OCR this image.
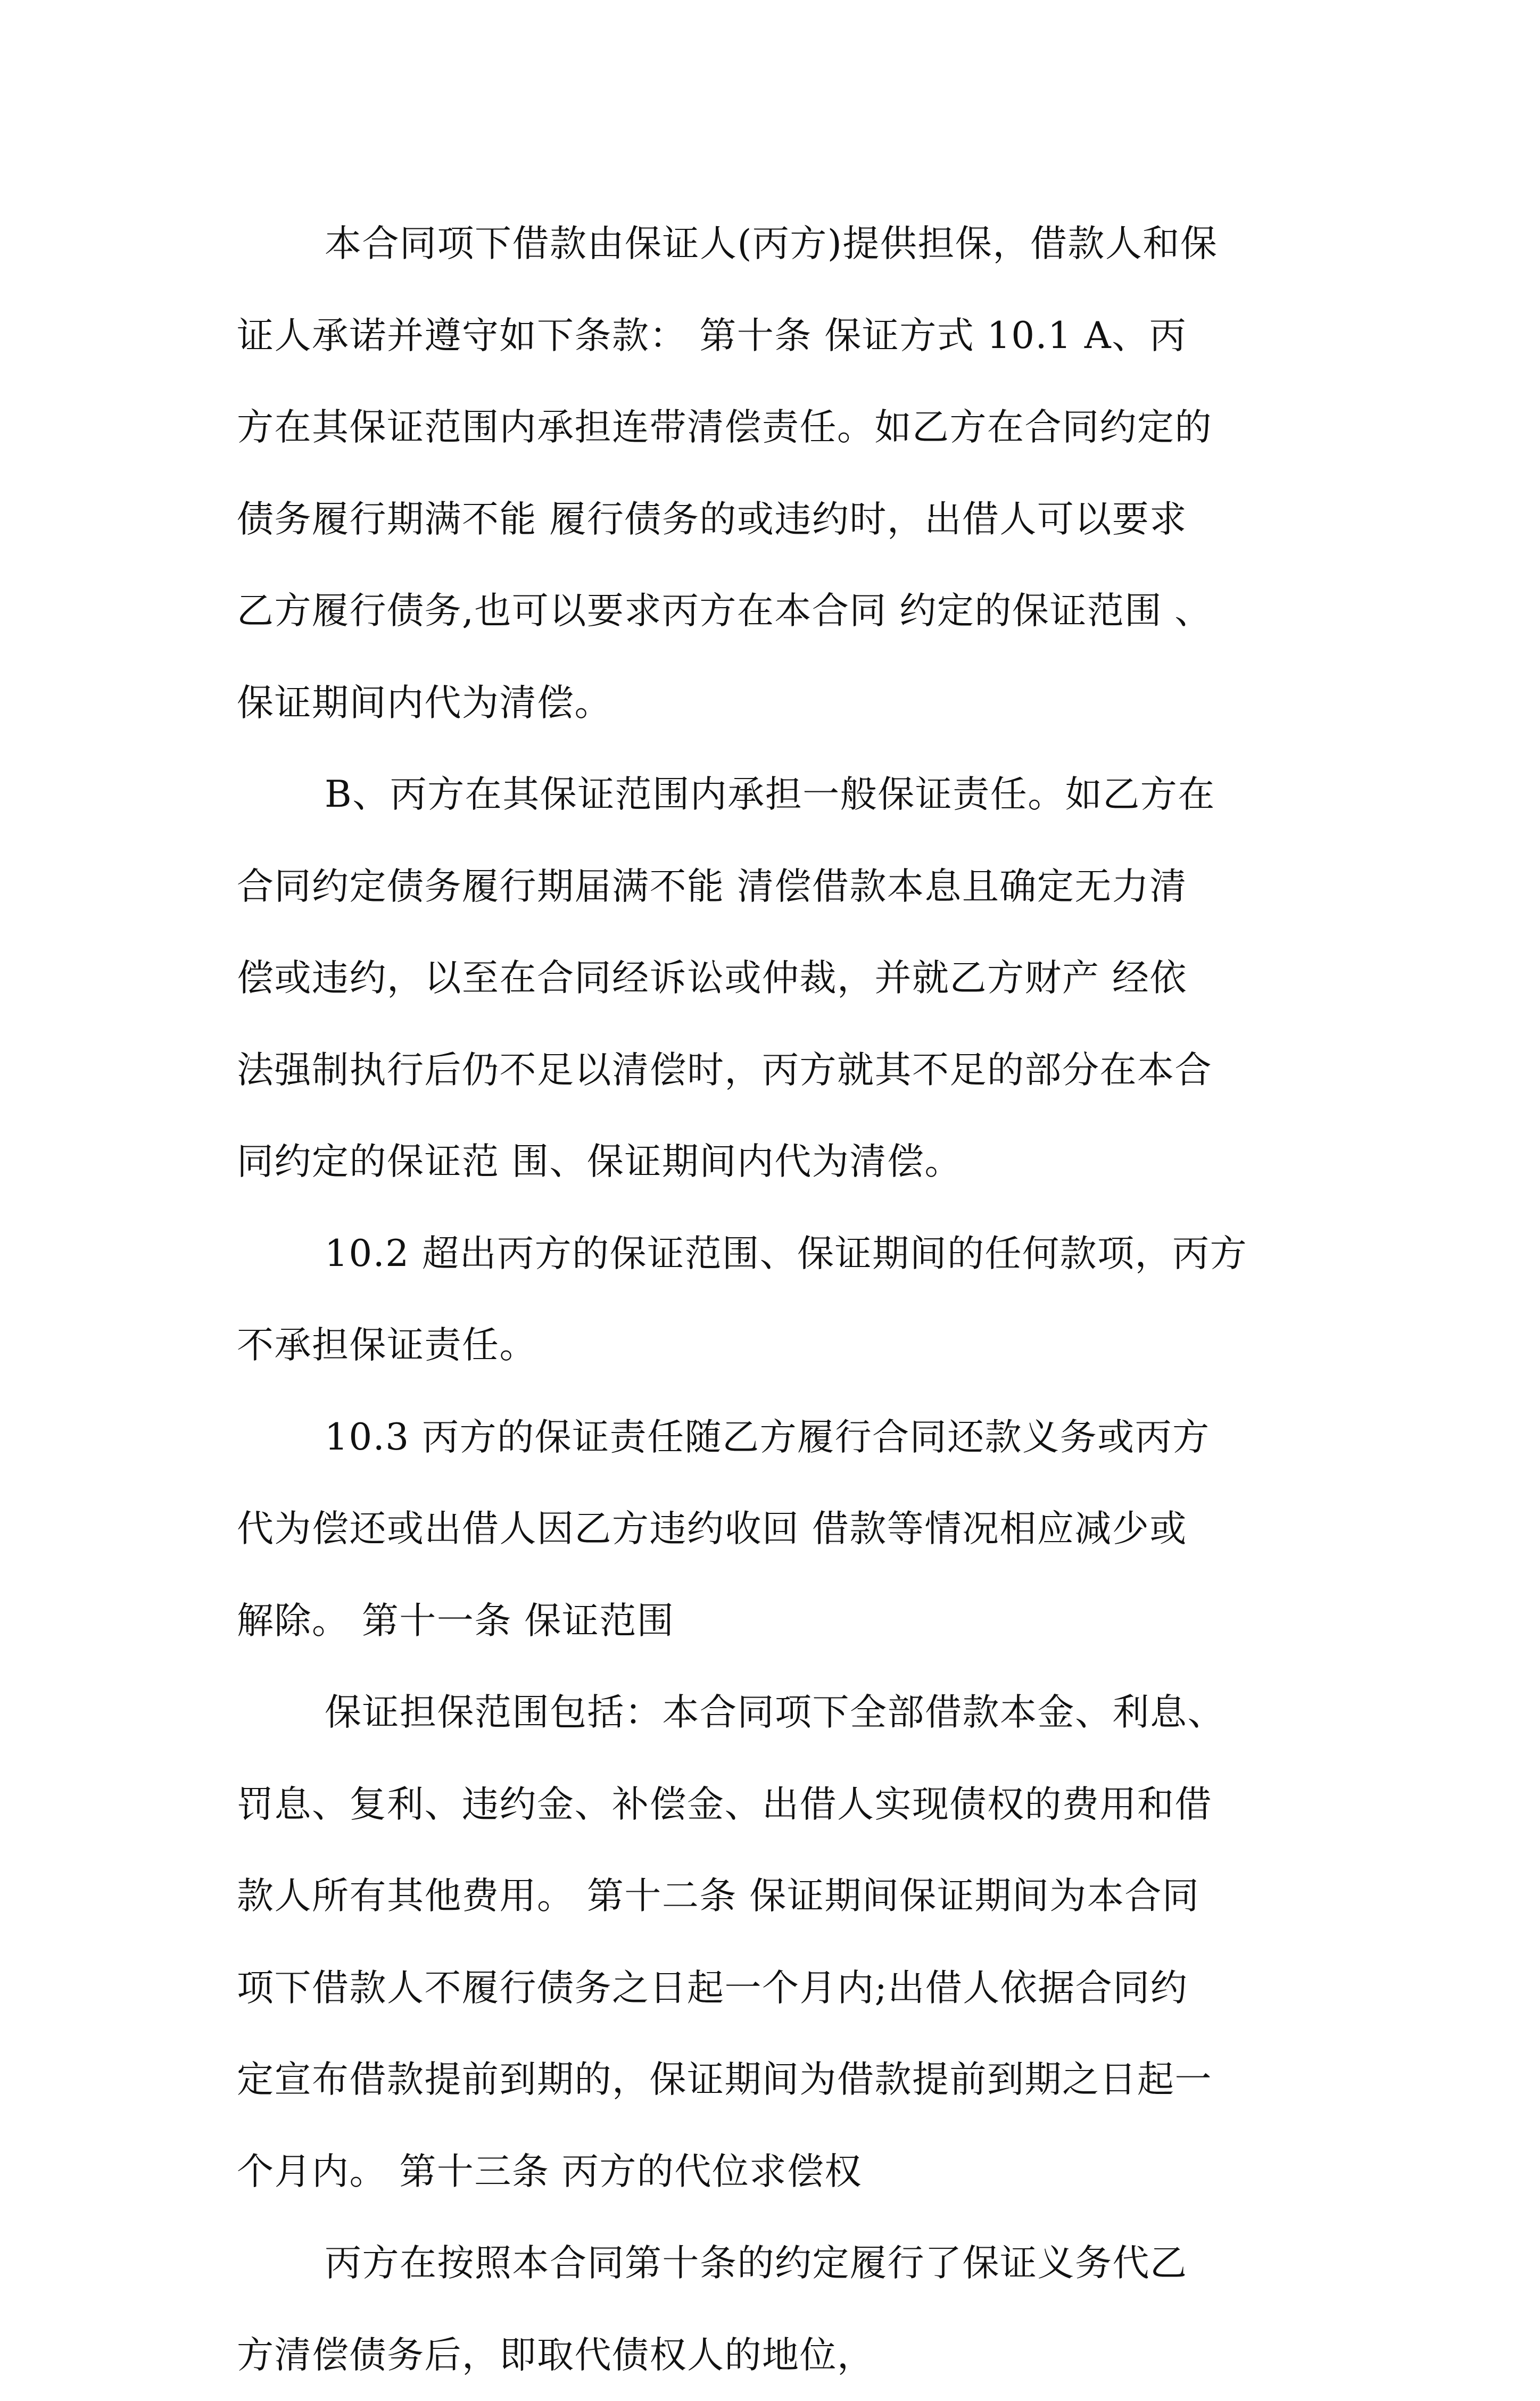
本合同项下借款由保证人(丙方)提供担保，借款人和保
证人承诺并遵守如下条款： 第十条 保证方式 10.1 A、丙
方在其保证范围内承担连带清偿责任。如乙方在合同约定的
债务履行期满不能 履行债务的或违约时，出借人可以要求
乙方履行债务,也可以要求丙方在本合同 约定的保证范围 、
保证期间内代为清偿。
B、丙方在其保证范围内承担一般保证责任。如乙方在
合同约定债务履行期届满不能 清偿借款本息且确定无力清
偿或违约，以至在合同经诉讼或仲裁，并就乙方财产 经依
法强制执行后仍不足以清偿时，丙方就其不足的部分在本合
同约定的保证范 围、保证期间内代为清偿。
10.2 超出丙方的保证范围、保证期间的任何款项，丙方
不承担保证责任。
10.3 丙方的保证责任随乙方履行合同还款义务或丙方
代为偿还或出借人因乙方违约收回 借款等情况相应减少或
解除。 第十一条 保证范围
保证担保范围包括：本合同项下全部借款本金、利息、
罚息、复利、违约金、补偿金、出借人实现债权的费用和借
款人所有其他费用。 第十二条 保证期间保证期间为本合同
项下借款人不履行债务之日起一个月内;出借人依据合同约
定宣布借款提前到期的，保证期间为借款提前到期之日起一
个月内。 第十三条 丙方的代位求偿权
丙方在按照本合同第十条的约定履行了保证义务代乙
方清偿债务后，即取代债权人的地位，
